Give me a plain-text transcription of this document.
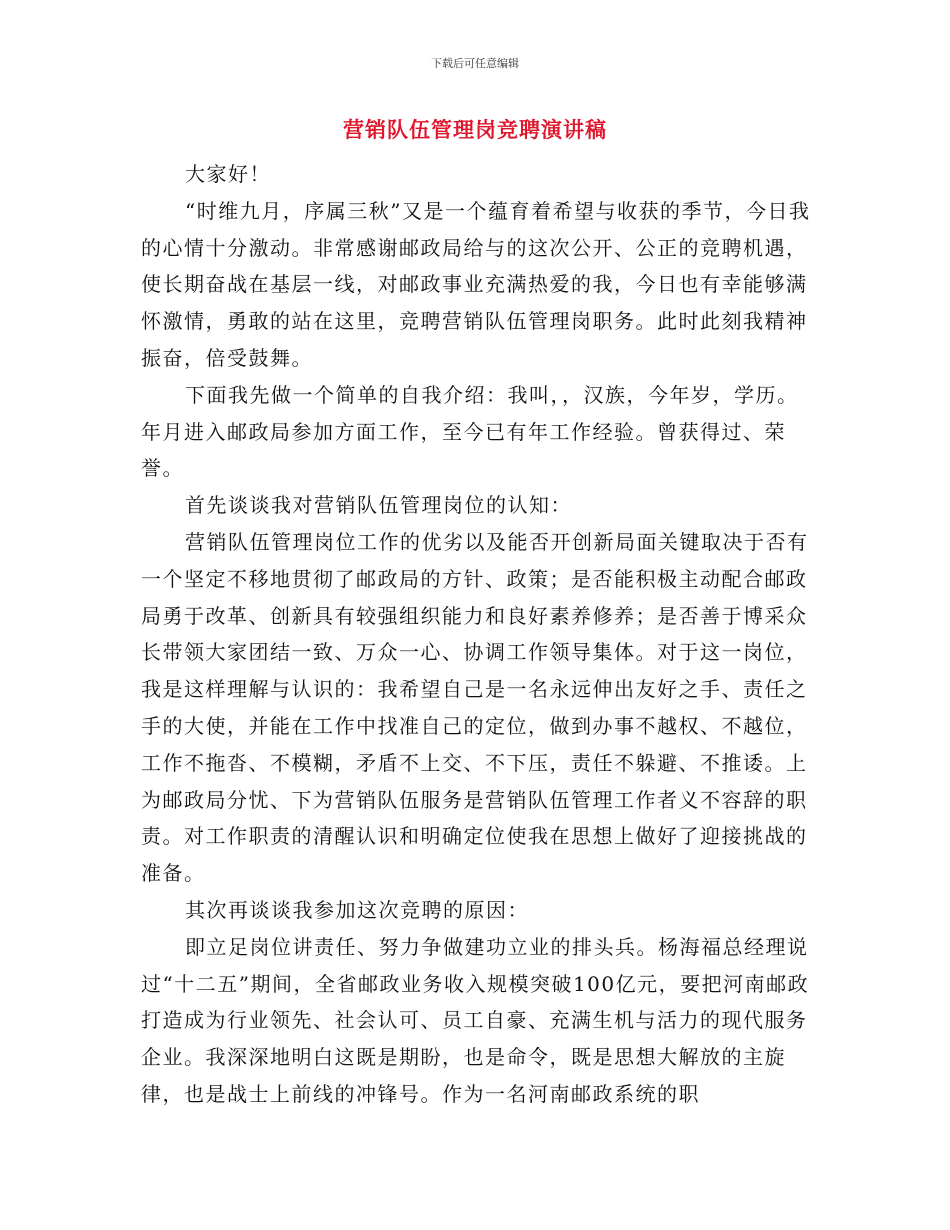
下载后可任意编辑
营销队伍管理岗竞聘演讲稿

大家好！

“时维九月，序属三秋”又是一个蕴育着希望与收获的季节，今日我的心情十分激动。非常感谢邮政局给与的这次公开、公正的竞聘机遇，使长期奋战在基层一线，对邮政事业充满热爱的我，今日也有幸能够满怀激情，勇敢的站在这里，竞聘营销队伍管理岗职务。此时此刻我精神振奋，倍受鼓舞。

下面我先做一个简单的自我介绍：我叫，，汉族，今年岁，学历。年月进入邮政局参加方面工作，至今已有年工作经验。曾获得过、荣誉。

首先谈谈我对营销队伍管理岗位的认知：

营销队伍管理岗位工作的优劣以及能否开创新局面关键取决于否有一个坚定不移地贯彻了邮政局的方针、政策；是否能积极主动配合邮政局勇于改革、创新具有较强组织能力和良好素养修养；是否善于博采众长带领大家团结一致、万众一心、协调工作领导集体。对于这一岗位，我是这样理解与认识的：我希望自己是一名永远伸出友好之手、责任之手的大使，并能在工作中找准自己的定位，做到办事不越权、不越位，工作不拖沓、不模糊，矛盾不上交、不下压，责任不躲避、不推诿。上为邮政局分忧、下为营销队伍服务是营销队伍管理工作者义不容辞的职责。对工作职责的清醒认识和明确定位使我在思想上做好了迎接挑战的准备。

其次再谈谈我参加这次竞聘的原因：

即立足岗位讲责任、努力争做建功立业的排头兵。杨海福总经理说过“十二五”期间，全省邮政业务收入规模突破100亿元，要把河南邮政打造成为行业领先、社会认可、员工自豪、充满生机与活力的现代服务企业。我深深地明白这既是期盼，也是命令，既是思想大解放的主旋律，也是战士上前线的冲锋号。作为一名河南邮政系统的职
